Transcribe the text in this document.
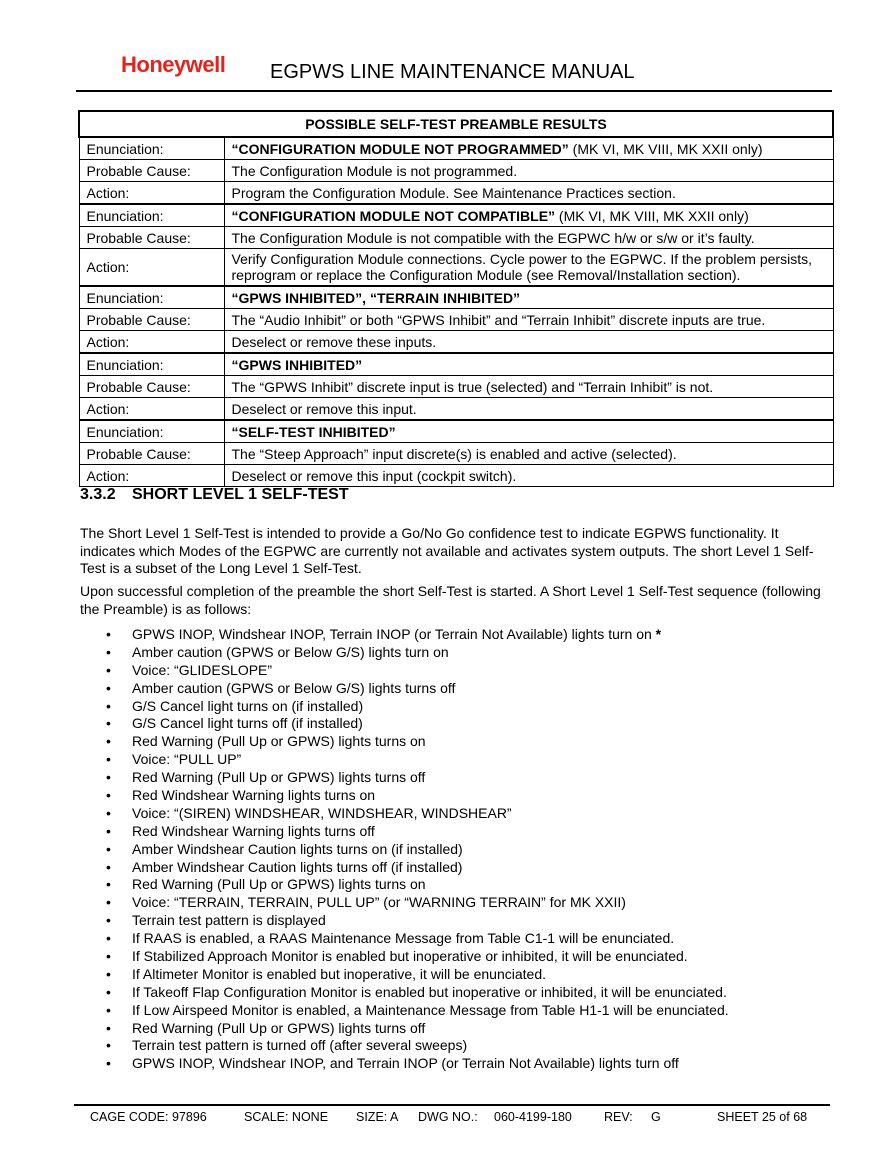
Honeywell EGPWS LINE MAINTENANCE MANUAL
POSSIBLE SELF-TEST PREAMBLE RESULTS	
Enunciation:	“CONFIGURATION MODULE NOT PROGRAMMED” (MK VI, MK VIII, MK XXII only)
Probable Cause:	The Configuration Module is not programmed.
Action:	Program the Configuration Module. See Maintenance Practices section.
Enunciation:	“CONFIGURATION MODULE NOT COMPATIBLE” (MK VI, MK VIII, MK XXII only)
Probable Cause:	The Configuration Module is not compatible with the EGPWC h/w or s/w or it’s faulty.
Action:	Verify Configuration Module connections. Cycle power to the EGPWC. If the problem persists, reprogram or replace the Configuration Module (see Removal/Installation section).
Enunciation:	“GPWS INHIBITED”, “TERRAIN INHIBITED”
Probable Cause:	The “Audio Inhibit” or both “GPWS Inhibit” and “Terrain Inhibit” discrete inputs are true.
Action:	Deselect or remove these inputs.
Enunciation:	“GPWS INHIBITED”
Probable Cause:	The “GPWS Inhibit” discrete input is true (selected) and “Terrain Inhibit” is not.
Action:	Deselect or remove this input.
Enunciation:	“SELF-TEST INHIBITED”
Probable Cause:	The “Steep Approach” input discrete(s) is enabled and active (selected).
Action:	Deselect or remove this input (cockpit switch).
3.3.2 SHORT LEVEL 1 SELF-TEST

The Short Level 1 Self-Test is intended to provide a Go/No Go confidence test to indicate EGPWS functionality. It indicates which Modes of the EGPWC are currently not available and activates system outputs. The short Level 1 Self-Test is a subset of the Long Level 1 Self-Test.

Upon successful completion of the preamble the short Self-Test is started. A Short Level 1 Self-Test sequence (following the Preamble) is as follows:

• GPWS INOP, Windshear INOP, Terrain INOP (or Terrain Not Available) lights turn on *
• Amber caution (GPWS or Below G/S) lights turn on
• Voice: “GLIDESLOPE”
• Amber caution (GPWS or Below G/S) lights turns off
• G/S Cancel light turns on (if installed)
• G/S Cancel light turns off (if installed)
• Red Warning (Pull Up or GPWS) lights turns on
• Voice: “PULL UP”
• Red Warning (Pull Up or GPWS) lights turns off
• Red Windshear Warning lights turns on
• Voice: “(SIREN) WINDSHEAR, WINDSHEAR, WINDSHEAR”
• Red Windshear Warning lights turns off
• Amber Windshear Caution lights turns on (if installed)
• Amber Windshear Caution lights turns off (if installed)
• Red Warning (Pull Up or GPWS) lights turns on
• Voice: “TERRAIN, TERRAIN, PULL UP” (or “WARNING TERRAIN” for MK XXII)
• Terrain test pattern is displayed
• If RAAS is enabled, a RAAS Maintenance Message from Table C1-1 will be enunciated.
• If Stabilized Approach Monitor is enabled but inoperative or inhibited, it will be enunciated.
• If Altimeter Monitor is enabled but inoperative, it will be enunciated.
• If Takeoff Flap Configuration Monitor is enabled but inoperative or inhibited, it will be enunciated.
• If Low Airspeed Monitor is enabled, a Maintenance Message from Table H1-1 will be enunciated.
• Red Warning (Pull Up or GPWS) lights turns off
• Terrain test pattern is turned off (after several sweeps)
• GPWS INOP, Windshear INOP, and Terrain INOP (or Terrain Not Available) lights turn off
CAGE CODE: 97896	SCALE: NONE SIZE: A DWG NO.: 060-4199-180	REV: G	SHEET 25 of 68
